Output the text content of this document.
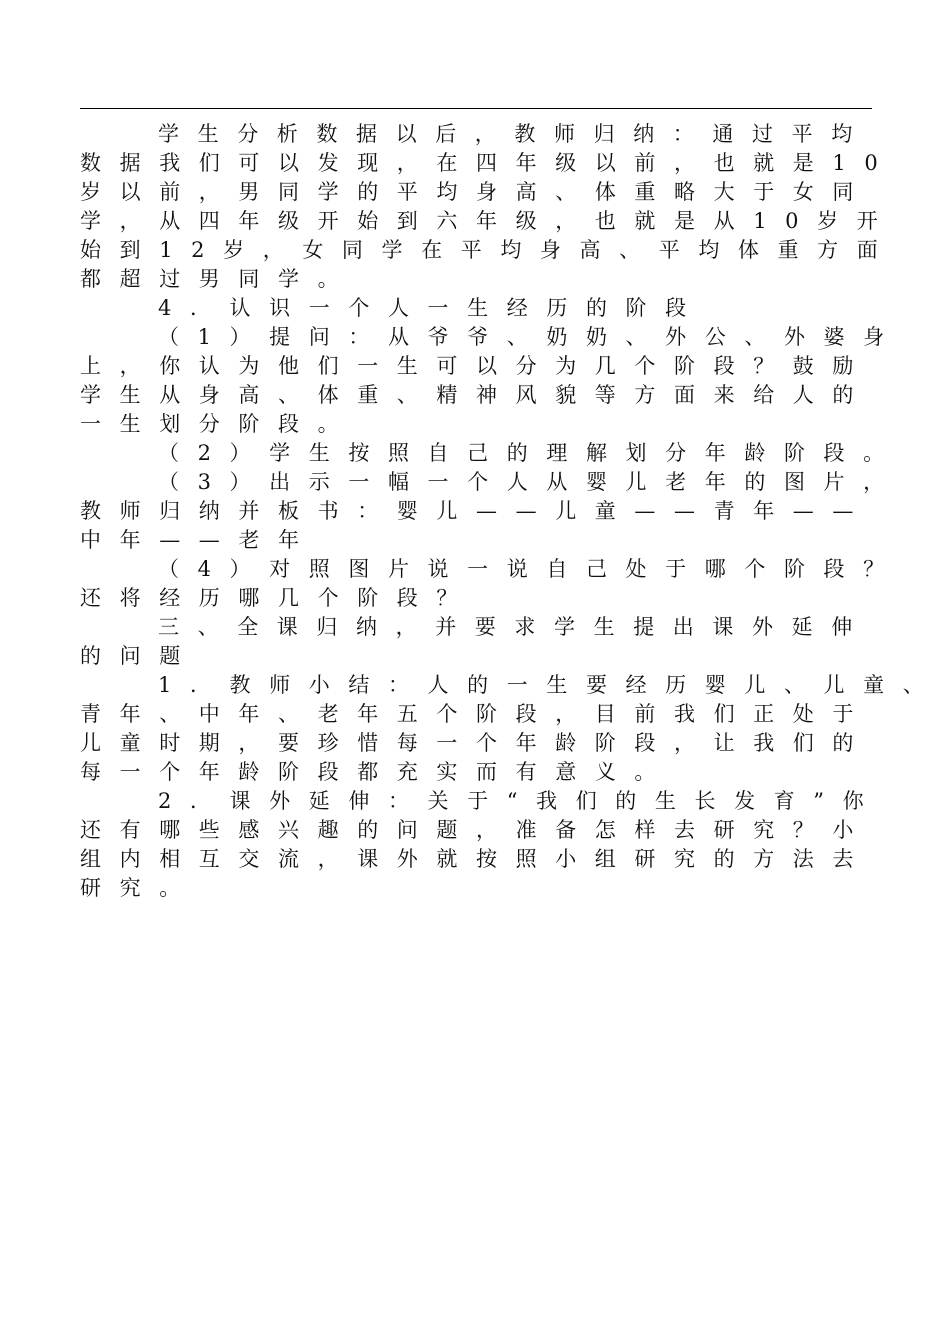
学生分析数据以后，教师归纳：通过平均
数据我们可以发现，在四年级以前，也就是10
岁以前，男同学的平均身高、体重略大于女同
学，从四年级开始到六年级，也就是从10岁开
始到12岁，女同学在平均身高、平均体重方面
都超过男同学。
4．认识一个人一生经历的阶段
（1）提问：从爷爷、奶奶、外公、外婆身
上，你认为他们一生可以分为几个阶段？鼓励
学生从身高、体重、精神风貌等方面来给人的
一生划分阶段。
（2）学生按照自己的理解划分年龄阶段。
（3）出示一幅一个人从婴儿老年的图片，
教师归纳并板书：婴儿——儿童——青年——
中年——老年
（4）对照图片说一说自己处于哪个阶段？
还将经历哪几个阶段？
三、全课归纳，并要求学生提出课外延伸
的问题
1．教师小结：人的一生要经历婴儿、儿童、
青年、中年、老年五个阶段，目前我们正处于
儿童时期，要珍惜每一个年龄阶段，让我们的
每一个年龄阶段都充实而有意义。
2．课外延伸：关于“我们的生长发育”你
还有哪些感兴趣的问题，准备怎样去研究？小
组内相互交流，课外就按照小组研究的方法去
研究。
